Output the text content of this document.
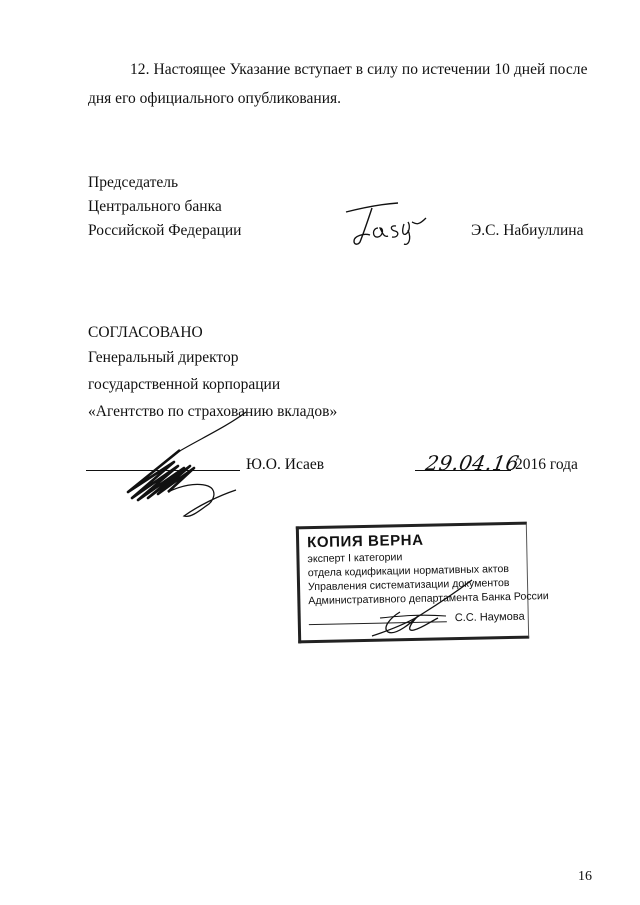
12. Настоящее Указание вступает в силу по истечении 10 дней после
дня его официального опубликования.
Председатель
Центрального банка
Российской Федерации	Э.С. Набиуллина
СОГЛАСОВАНО
Генеральный директор
государственной корпорации
«Агентство по страхованию вкладов»
Ю.О. Исаев	29.04.16
2016 года
КОПИЯ ВЕРНА
эксперт I категории
отдела кодификации нормативных актов
Управления систематизации документов
Административного департамента Банка России
С.С. Наумова
16
